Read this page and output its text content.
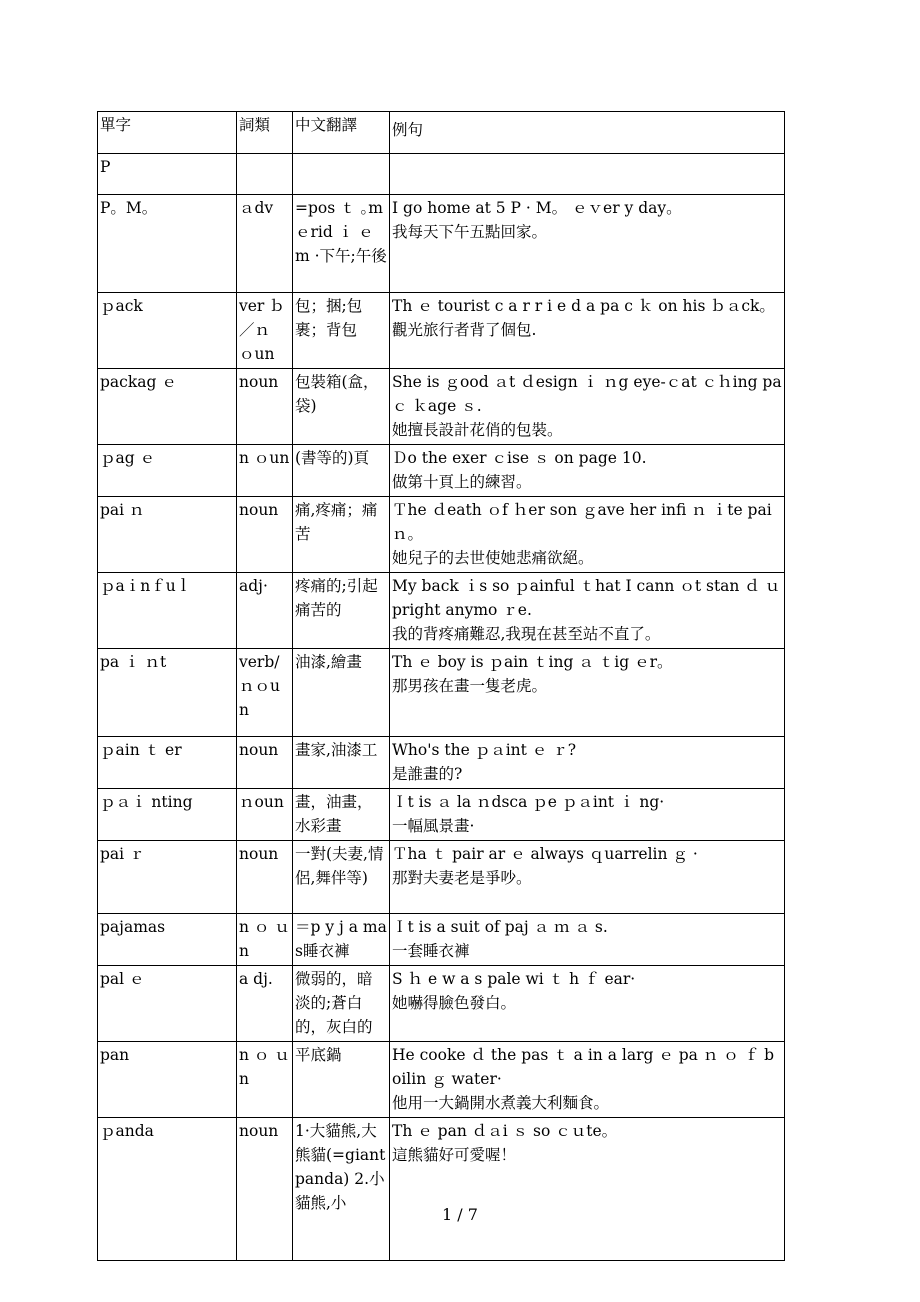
單字	詞類	中文翻譯	例句
P			
P。M。	ａdv	=pos ｔ ｡m ｅrid ｉ ｅm ·下午;午後	I go home at 5 P · M。 ｅｖer y day。
我每天下午五點回家。

ｐack	ver ｂ ／ｎ ｏun	包；捆;包裹；背包	Th ｅ tourist c a r r i e d a pa c ｋ on his ｂａck。
觀光旅行者背了個包.

packag ｅ	noun	包裝箱(盒，袋)	She is ｇood ａt ｄesign ｉ ｎg eye-ｃat ｃｈing pa ｃ ｋage ｓ.
她擅長設計花俏的包裝。

ｐag ｅ	n ｏun	(書等的)頁	Ｄo the exer ｃise ｓ on page 10.
做第十頁上的練習。

pai ｎ	noun	痛,疼痛；痛苦	Ｔhe ｄeath ｏf ｈer son ｇave her infi ｎ ｉte pai ｎ。
她兒子的去世使她悲痛欲絕。

ｐaｉnｆuｌ	adj·	疼痛的;引起痛苦的	My back ｉs so ｐainful ｔhat I cann ｏt stan ｄ ｕpright anymo ｒe.
我的背疼痛難忍,我現在甚至站不直了。

pa ｉ ｎt	verb/ ｎｏu n	油漆,繪畫	Th ｅ boy is ｐain ｔing ａ ｔig ｅr。
那男孩在畫一隻老虎。

ｐain ｔ er	noun	畫家,油漆工	Who's the ｐａint ｅ ｒ?
是誰畫的?

ｐａｉ nting	ｎoun	畫，油畫，水彩畫	Ｉt is ａ la ｎdsca ｐe ｐａint ｉ ng·
一幅風景畫·

pai ｒ	noun	一對(夫妻,情侶,舞伴等)	Ｔha ｔ pair ar ｅ always ｑuarrelin ｇ ·
那對夫妻老是爭吵。

pajamas	n ｏ ｕ n	＝p y j a mas睡衣褲	Ｉt is a suit of paj ａ ｍ ａ s.
一套睡衣褲

pal ｅ	a dj.	微弱的，暗淡的;蒼白的，灰白的	S ｈ e w a s pale wi ｔ h ｆ ear·
她嚇得臉色發白。

pan	n ｏ ｕ n	平底鍋	He cooke ｄ the pas ｔ a in a larg ｅ pa ｎ ｏ ｆ boilin ｇ water·
他用一大鍋開水煮義大利麵食。

ｐanda	noun	1·大貓熊,大熊貓(=giant panda) 2.小貓熊,小	Th ｅ pan ｄａi ｓ so ｃｕte。
這熊貓好可愛喔！
1 / 7
